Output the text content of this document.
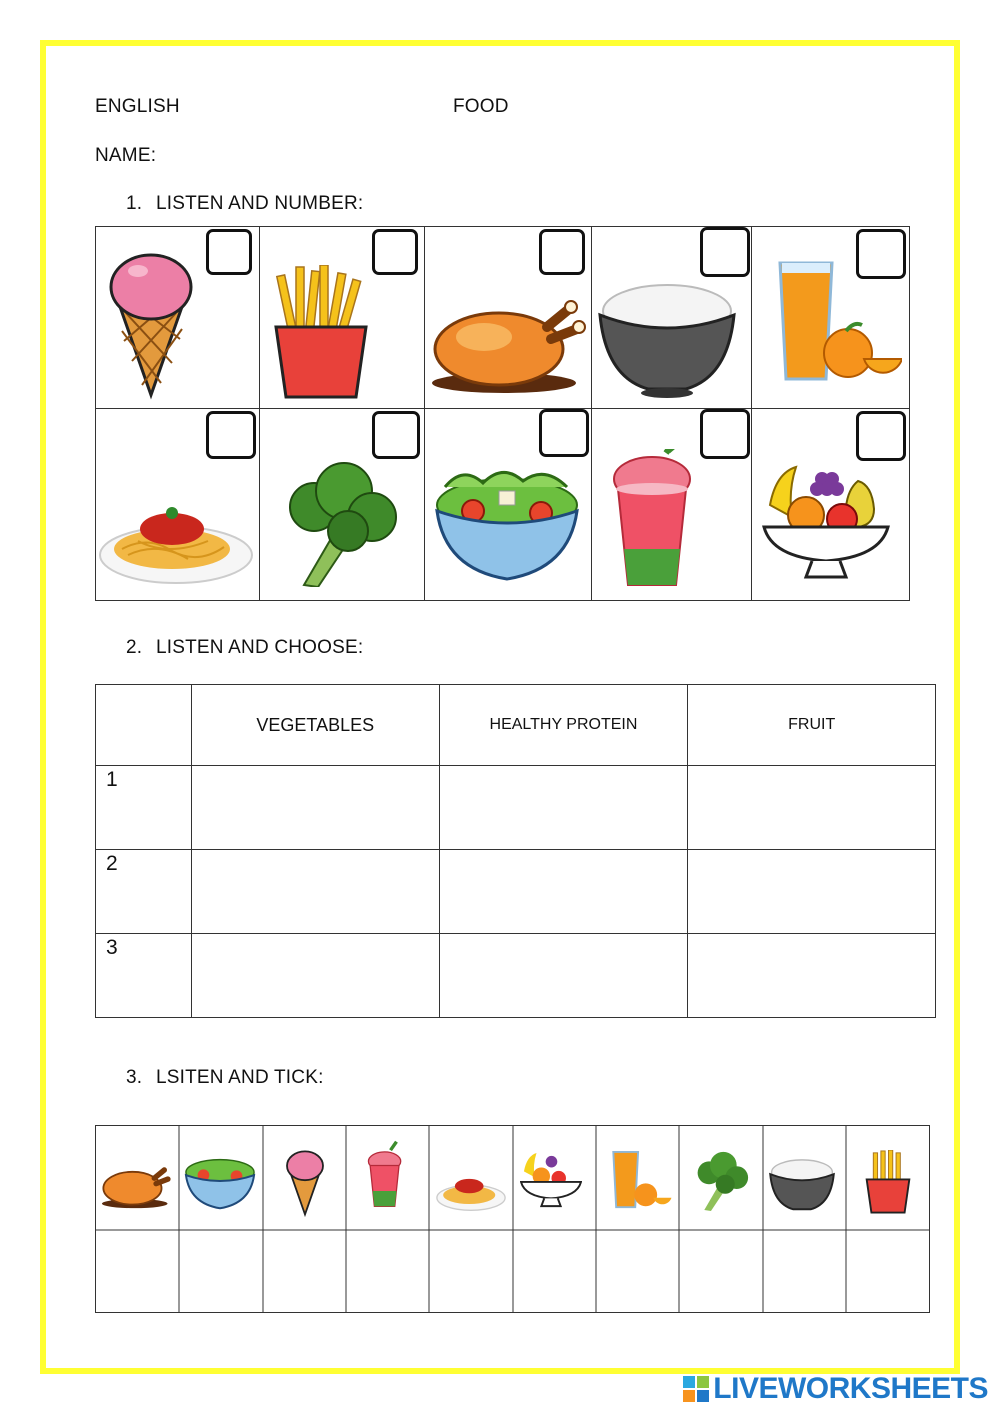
ENGLISH	FOOD
NAME:
1. LISTEN AND NUMBER:
2. LISTEN AND CHOOSE:
	VEGETABLES	HEALTHY PROTEIN	FRUIT
1			
2			
3			
3. LSITEN AND TICK:
LIVEWORKSHEETS
